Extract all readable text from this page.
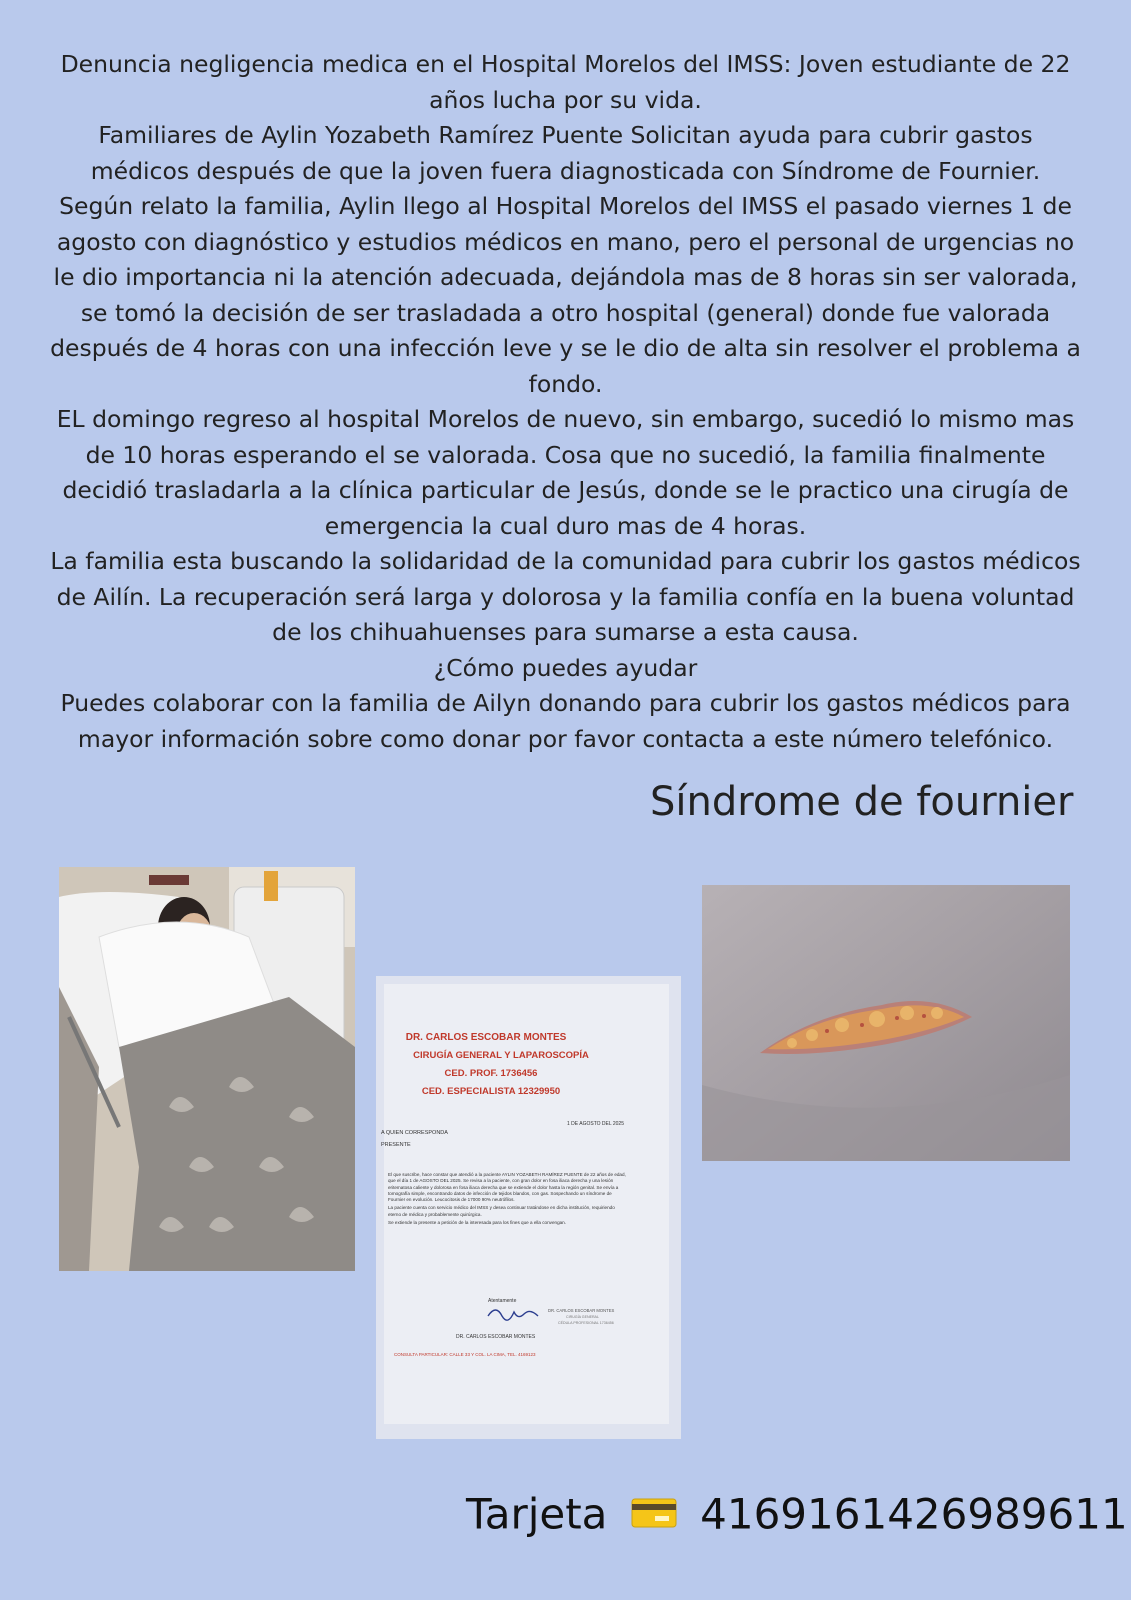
Denuncia negligencia medica en el Hospital Morelos del IMSS: Joven estudiante de 22 años lucha por su vida.

Familiares de Aylin Yozabeth Ramírez Puente Solicitan ayuda para cubrir gastos médicos después de que la joven fuera diagnosticada con Síndrome de Fournier.

Según relato la familia, Aylin llego al Hospital Morelos del IMSS el pasado viernes 1 de agosto con diagnóstico y estudios médicos en mano, pero el personal de urgencias no le dio importancia ni la atención adecuada, dejándola mas de 8 horas sin ser valorada, se tomó la decisión de ser trasladada a otro hospital (general) donde fue valorada después de 4 horas con una infección leve y se le dio de alta sin resolver el problema a fondo.

EL domingo regreso al hospital Morelos de nuevo, sin embargo, sucedió lo mismo mas de 10 horas esperando el se valorada. Cosa que no sucedió, la familia finalmente decidió trasladarla a la clínica particular de Jesús, donde se le practico una cirugía de emergencia la cual duro mas de 4 horas.

La familia esta buscando la solidaridad de la comunidad para cubrir los gastos médicos de Ailín. La recuperación será larga y dolorosa y la familia confía en la buena voluntad de los chihuahuenses para sumarse a esta causa.

¿Cómo puedes ayudar

Puedes colaborar con la familia de Ailyn donando para cubrir los gastos médicos para mayor información sobre como donar por favor contacta a este número telefónico.

Síndrome de fournier
DR. CARLOS ESCOBAR MONTES
CIRUGÍA GENERAL Y LAPAROSCOPÍA
CED. PROF. 1736456
CED. ESPECIALISTA 12329950
1 DE AGOSTO DEL 2025
A QUIEN CORRESPONDA
PRESENTE
El que suscribe, hace constar que atendió a la paciente AYLIN YOZABETH RAMÍREZ PUENTE de 22 años de edad, que el día 1 de AGOSTO DEL 2025. Se revisa a la paciente, con gran dolor en fosa iliaca derecha y una lesión eritematosa caliente y dolorosa en fosa iliaca derecha que se extiende el dolor hasta la región genital. Se envía a tomografía simple, encontrando datos de infección de tejidos blandos, con gas. Sospechando un síndrome de Fournier en evolución. Leucocitosis de 17000 90% neutrófilos.
La paciente cuenta con servicio médico del IMSS y desea continuar tratándose en dicha institución, requiriendo eterno de médica y probablemente quirúrgica.
Se extiende la presente a petición de la interesada para los fines que a ella convengan.
Atentamente
DR. CARLOS ESCOBAR MONTES
DR. CARLOS ESCOBAR MONTES
CIRUGÍA GENERAL
CÉDULA PROFESIONAL 1736456
CONSULTA PARTICULAR: CALLE 33 Y COL. LA CIMA, TEL. 4169123
Tarjeta 4169161426989611
